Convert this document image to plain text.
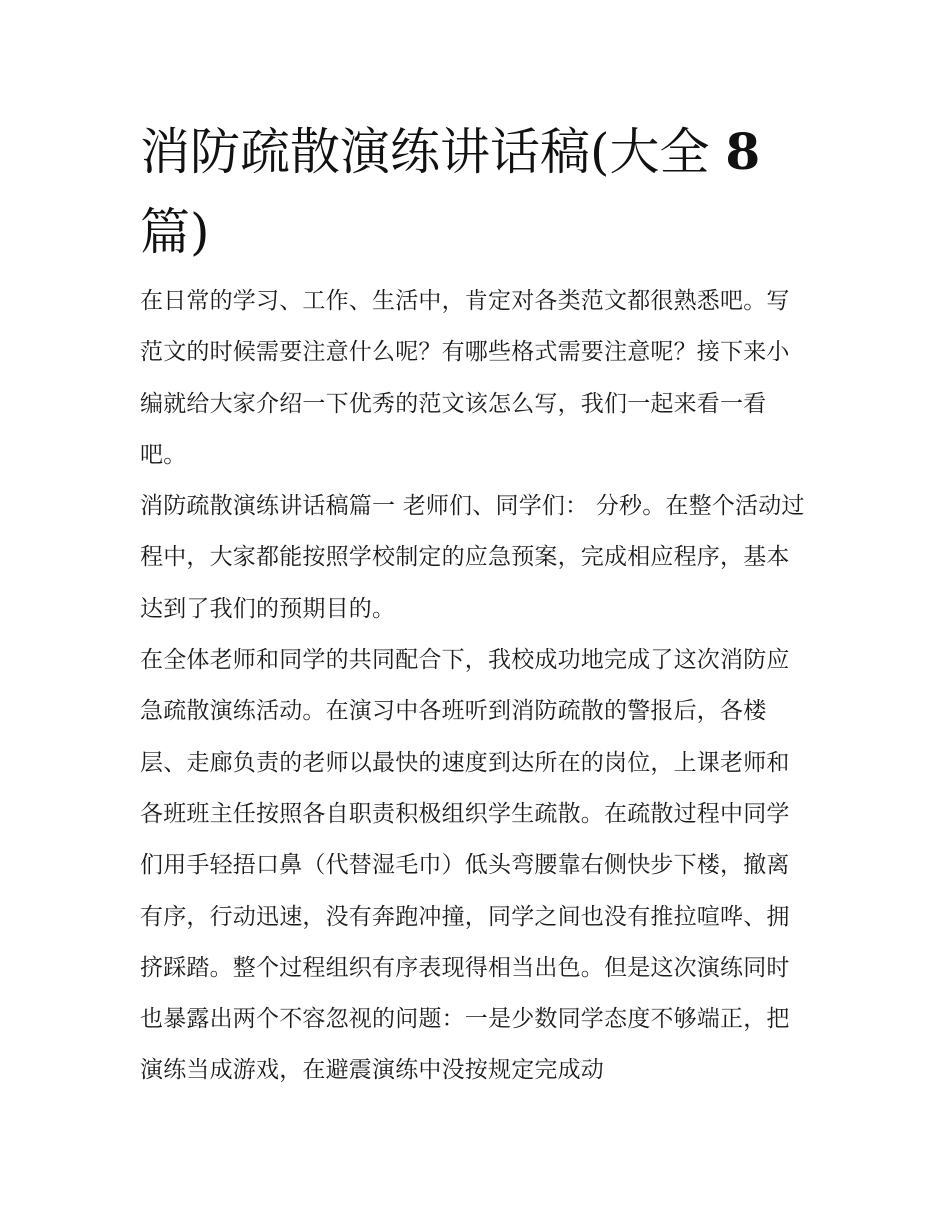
消防疏散演练讲话稿(大全 8
篇)

在日常的学习、工作、生活中，肯定对各类范文都很熟悉吧。写范文的时候需要注意什么呢？有哪些格式需要注意呢？接下来小编就给大家介绍一下优秀的范文该怎么写，我们一起来看一看吧。

消防疏散演练讲话稿篇一 老师们、同学们： 分秒。在整个活动过程中，大家都能按照学校制定的应急预案，完成相应程序，基本达到了我们的预期目的。

在全体老师和同学的共同配合下，我校成功地完成了这次消防应急疏散演练活动。在演习中各班听到消防疏散的警报后，各楼层、走廊负责的老师以最快的速度到达所在的岗位，上课老师和各班班主任按照各自职责积极组织学生疏散。在疏散过程中同学们用手轻捂口鼻（代替湿毛巾）低头弯腰靠右侧快步下楼，撤离有序，行动迅速，没有奔跑冲撞，同学之间也没有推拉喧哗、拥挤踩踏。整个过程组织有序表现得相当出色。但是这次演练同时也暴露出两个不容忽视的问题：一是少数同学态度不够端正，把演练当成游戏，在避震演练中没按规定完成动
